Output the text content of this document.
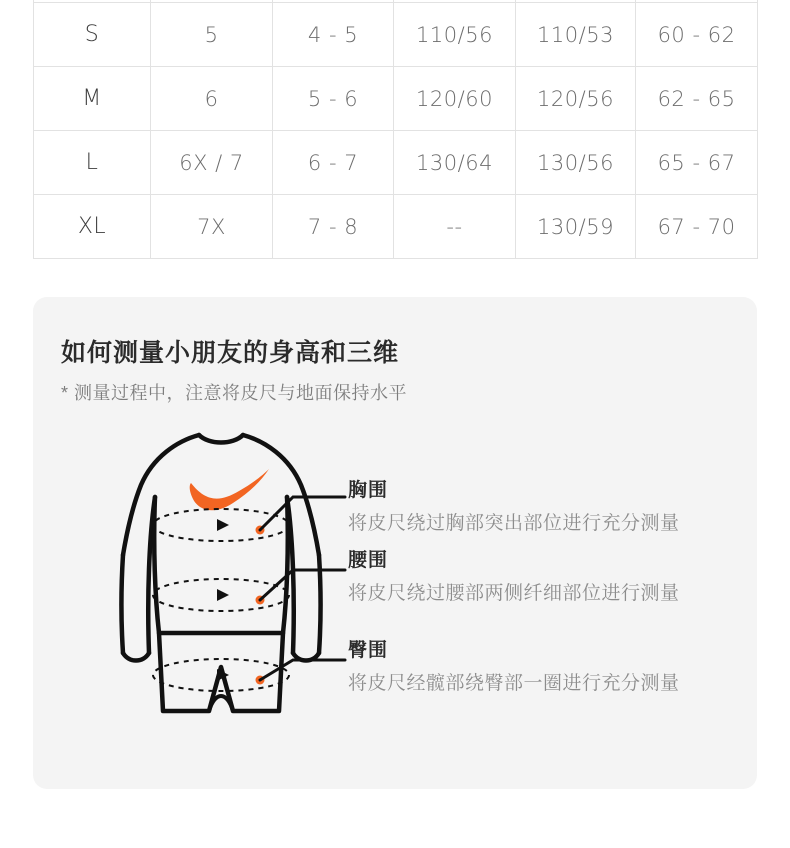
S	5	4 - 5	110/56	110/53	60 - 62
M	6	5 - 6	120/60	120/56	62 - 65
L	6X / 7	6 - 7	130/64	130/56	65 - 67
XL	7X	7 - 8	--	130/59	67 - 70
如何测量小朋友的身高和三维
* 测量过程中，注意将皮尺与地面保持水平
胸围
将皮尺绕过胸部突出部位进行充分测量
腰围
将皮尺绕过腰部两侧纤细部位进行测量
臀围
将皮尺经髋部绕臀部一圈进行充分测量
